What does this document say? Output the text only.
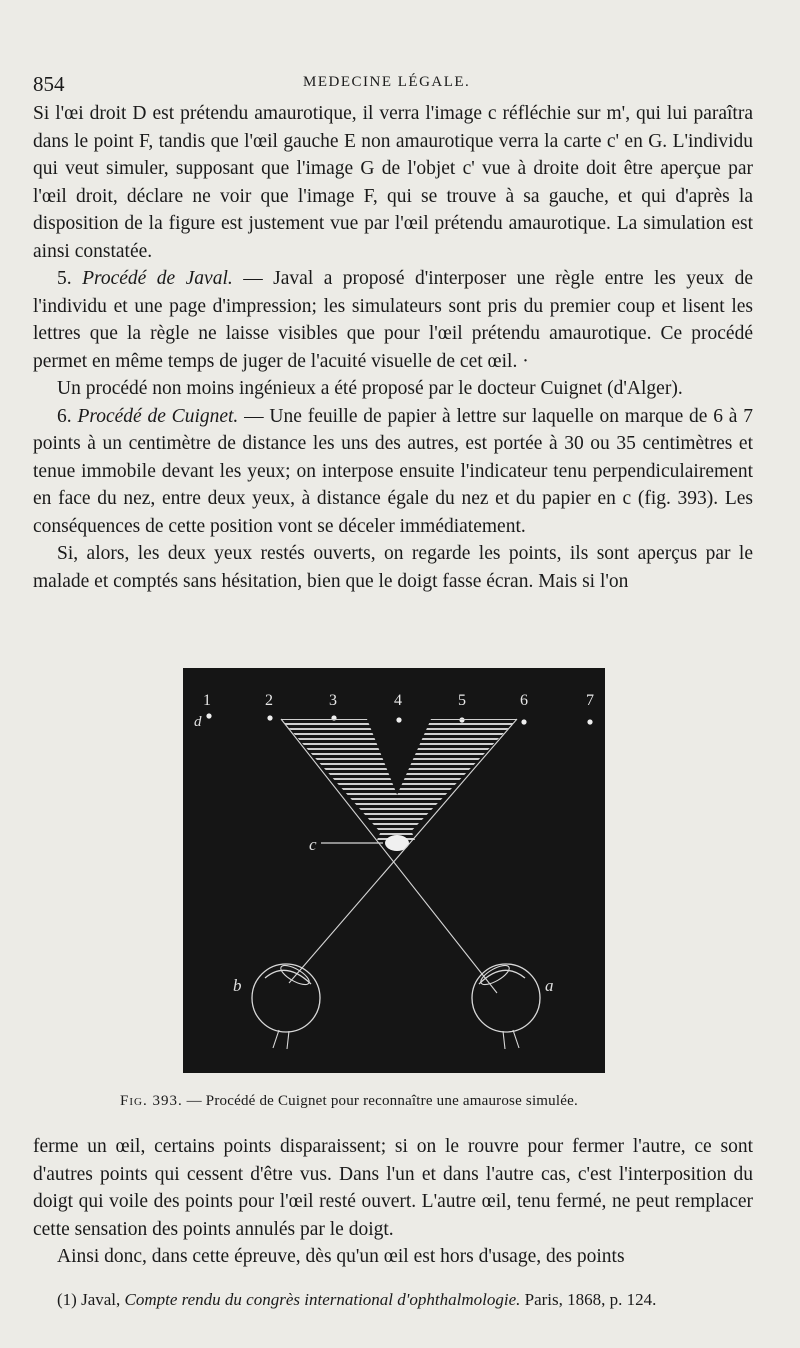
854	MEDECINE LÉGALE.

Si l'œi droit D est prétendu amaurotique, il verra l'image c réfléchie sur m', qui lui paraîtra dans le point F, tandis que l'œil gauche E non amaurotique verra la carte c' en G. L'individu qui veut simuler, supposant que l'image G de l'objet c' vue à droite doit être aperçue par l'œil droit, déclare ne voir que l'image F, qui se trouve à sa gauche, et qui d'après la disposition de la figure est justement vue par l'œil prétendu amaurotique. La simulation est ainsi constatée.

5. Procédé de Javal. — Javal a proposé d'interposer une règle entre les yeux de l'individu et une page d'impression; les simulateurs sont pris du premier coup et lisent les lettres que la règle ne laisse visibles que pour l'œil prétendu amaurotique. Ce procédé permet en même temps de juger de l'acuité visuelle de cet œil. ·

Un procédé non moins ingénieux a été proposé par le docteur Cuignet (d'Alger).

6. Procédé de Cuignet. — Une feuille de papier à lettre sur laquelle on marque de 6 à 7 points à un centimètre de distance les uns des autres, est portée à 30 ou 35 centimètres et tenue immobile devant les yeux; on interpose ensuite l'indicateur tenu perpendiculairement en face du nez, entre deux yeux, à distance égale du nez et du papier en c (fig. 393). Les conséquences de cette position vont se déceler immédiatement.

Si, alors, les deux yeux restés ouverts, on regarde les points, ils sont aperçus par le malade et comptés sans hésitation, bien que le doigt fasse écran. Mais si l'on

1	2	3	4	5	6	7
d
c
b	a
Fig. 393. — Procédé de Cuignet pour reconnaître une amaurose simulée.

ferme un œil, certains points disparaissent; si on le rouvre pour fermer l'autre, ce sont d'autres points qui cessent d'être vus. Dans l'un et dans l'autre cas, c'est l'interposition du doigt qui voile des points pour l'œil resté ouvert. L'autre œil, tenu fermé, ne peut remplacer cette sensation des points annulés par le doigt.

Ainsi donc, dans cette épreuve, dès qu'un œil est hors d'usage, des points

(1) Javal, Compte rendu du congrès international d'ophthalmologie. Paris, 1868, p. 124.
